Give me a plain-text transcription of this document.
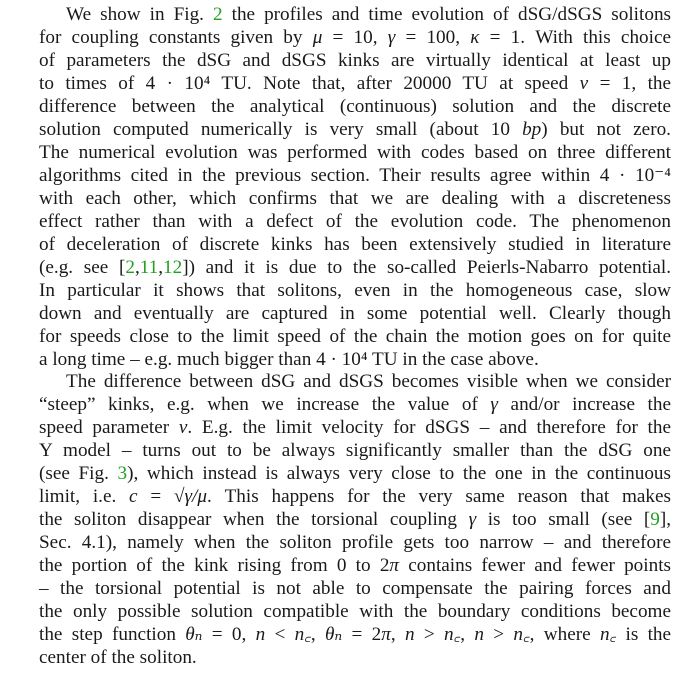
We show in Fig. 2 the profiles and time evolution of dSG/dSGS solitons
for coupling constants given by μ = 10, γ = 100, κ = 1. With this choice
of parameters the dSG and dSGS kinks are virtually identical at least up
to times of 4 · 10⁴ TU. Note that, after 20000 TU at speed v = 1, the
difference between the analytical (continuous) solution and the discrete
solution computed numerically is very small (about 10 bp) but not zero.
The numerical evolution was performed with codes based on three different
algorithms cited in the previous section. Their results agree within 4 · 10⁻⁴
with each other, which confirms that we are dealing with a discreteness
effect rather than with a defect of the evolution code. The phenomenon
of deceleration of discrete kinks has been extensively studied in literature
(e.g. see [2,11,12]) and it is due to the so-called Peierls-Nabarro potential.
In particular it shows that solitons, even in the homogeneous case, slow
down and eventually are captured in some potential well. Clearly though
for speeds close to the limit speed of the chain the motion goes on for quite
a long time – e.g. much bigger than 4 · 10⁴ TU in the case above.
The difference between dSG and dSGS becomes visible when we consider
“steep” kinks, e.g. when we increase the value of γ and/or increase the
speed parameter v. E.g. the limit velocity for dSGS – and therefore for the
Y model – turns out to be always significantly smaller than the dSG one
(see Fig. 3), which instead is always very close to the one in the continuous
limit, i.e. c = √γ/μ. This happens for the very same reason that makes
the soliton disappear when the torsional coupling γ is too small (see [9],
Sec. 4.1), namely when the soliton profile gets too narrow – and therefore
the portion of the kink rising from 0 to 2π contains fewer and fewer points
– the torsional potential is not able to compensate the pairing forces and
the only possible solution compatible with the boundary conditions become
the step function θₙ = 0, n < n꜀, θₙ = 2π, n > n꜀, n > n꜀, where n꜀ is the
center of the soliton.
